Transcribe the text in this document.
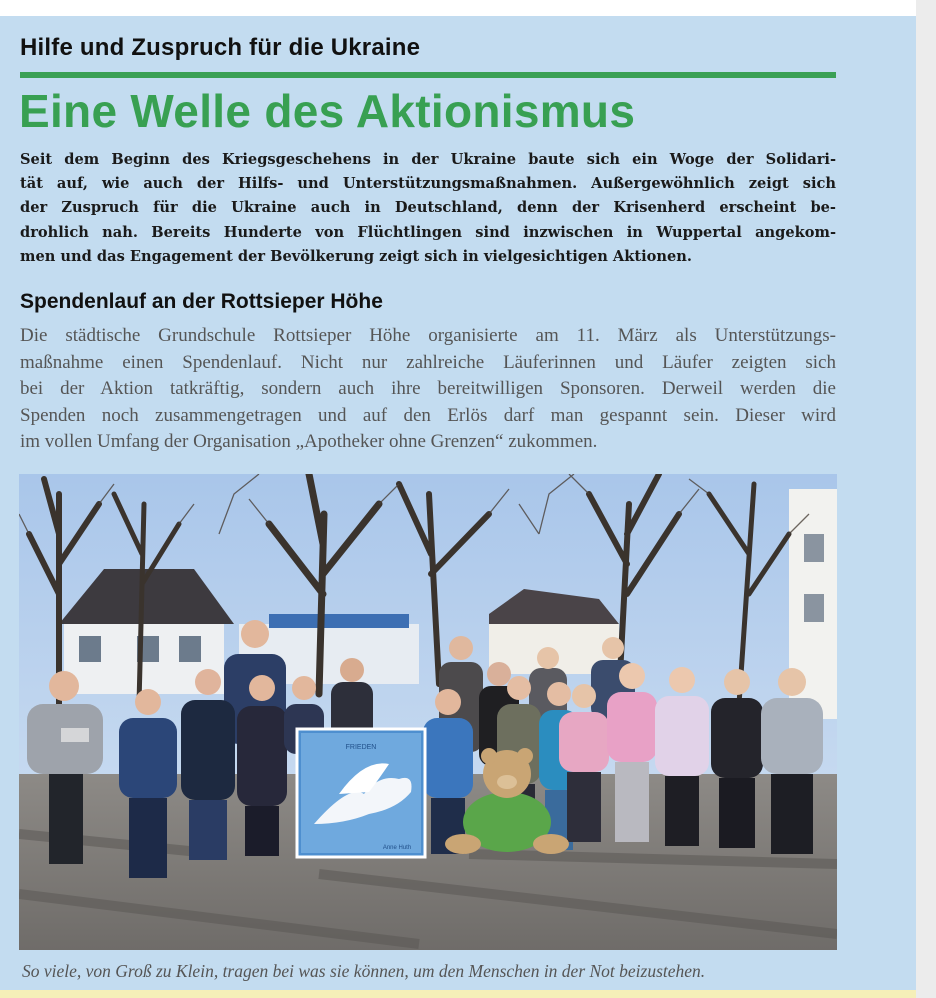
Hilfe und Zuspruch für die Ukraine
Eine Welle des Aktionismus
Seit dem Beginn des Kriegsgeschehens in der Ukraine baute sich ein Woge der Solidari-
tät auf, wie auch der Hilfs- und Unterstützungsmaßnahmen. Außergewöhnlich zeigt sich
der Zuspruch für die Ukraine auch in Deutschland, denn der Krisenherd erscheint be-
drohlich nah. Bereits Hunderte von Flüchtlingen sind inzwischen in Wuppertal angekom-
men und das Engagement der Bevölkerung zeigt sich in vielgesichtigen Aktionen.
Spendenlauf an der Rottsieper Höhe
Die städtische Grundschule Rottsieper Höhe organisierte am 11. März als Unterstützungs-
maßnahme einen Spendenlauf. Nicht nur zahlreiche Läuferinnen und Läufer zeigten sich
bei der Aktion tatkräftig, sondern auch ihre bereitwilligen Sponsoren. Derweil werden die
Spenden noch zusammengetragen und auf den Erlös darf man gespannt sein. Dieser wird
im vollen Umfang der Organisation „Apotheker ohne Grenzen“ zukommen.
FRIEDEN
Anne Huth
So viele, von Groß zu Klein, tragen bei was sie können, um den Menschen in der Not beizustehen.
